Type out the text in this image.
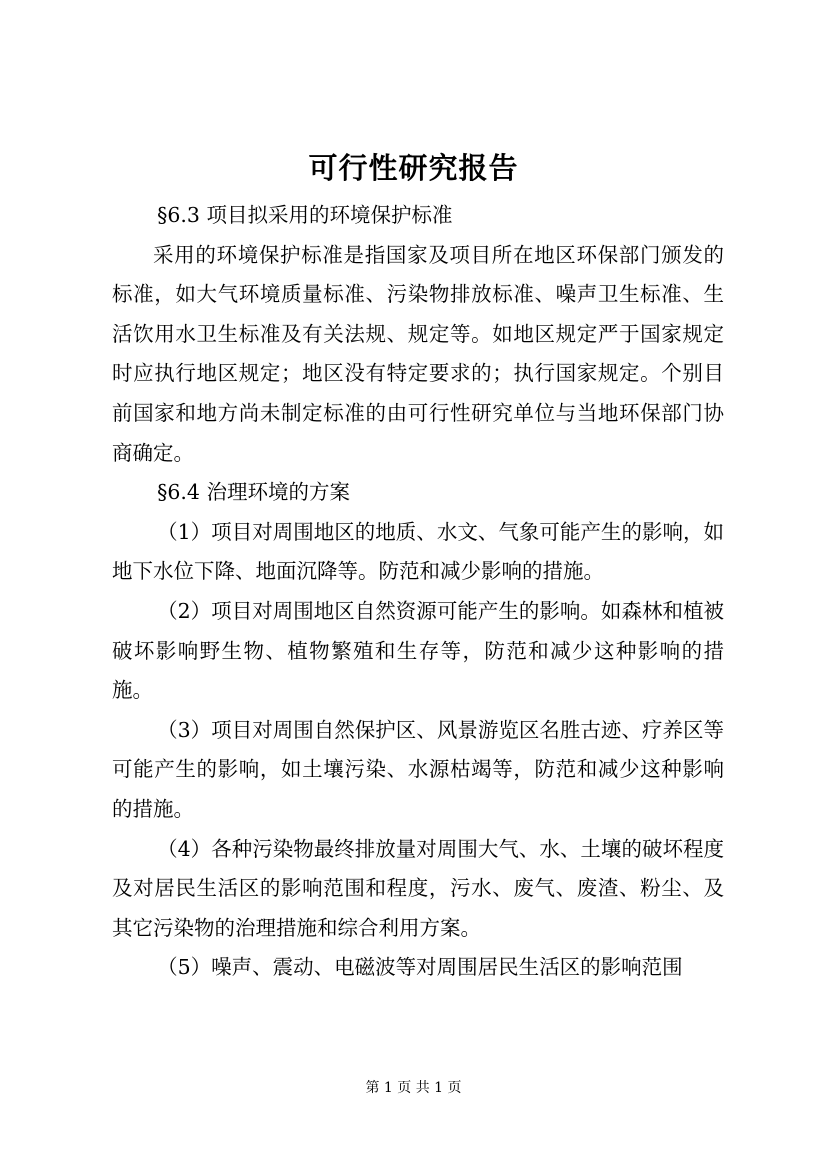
可行性研究报告

§6.3 项目拟采用的环境保护标准

采用的环境保护标准是指国家及项目所在地区环保部门颁发的标准，如大气环境质量标准、污染物排放标准、噪声卫生标准、生活饮用水卫生标准及有关法规、规定等。如地区规定严于国家规定时应执行地区规定；地区没有特定要求的；执行国家规定。个别目前国家和地方尚未制定标准的由可行性研究单位与当地环保部门协商确定。

§6.4 治理环境的方案

（1）项目对周围地区的地质、水文、气象可能产生的影响，如地下水位下降、地面沉降等。防范和减少影响的措施。

（2）项目对周围地区自然资源可能产生的影响。如森林和植被破坏影响野生物、植物繁殖和生存等，防范和减少这种影响的措施。

（3）项目对周围自然保护区、风景游览区名胜古迹、疗养区等可能产生的影响，如土壤污染、水源枯竭等，防范和减少这种影响的措施。

（4）各种污染物最终排放量对周围大气、水、土壤的破坏程度及对居民生活区的影响范围和程度，污水、废气、废渣、粉尘、及其它污染物的治理措施和综合利用方案。

（5）噪声、震动、电磁波等对周围居民生活区的影响范围

第 1 页 共 1 页
